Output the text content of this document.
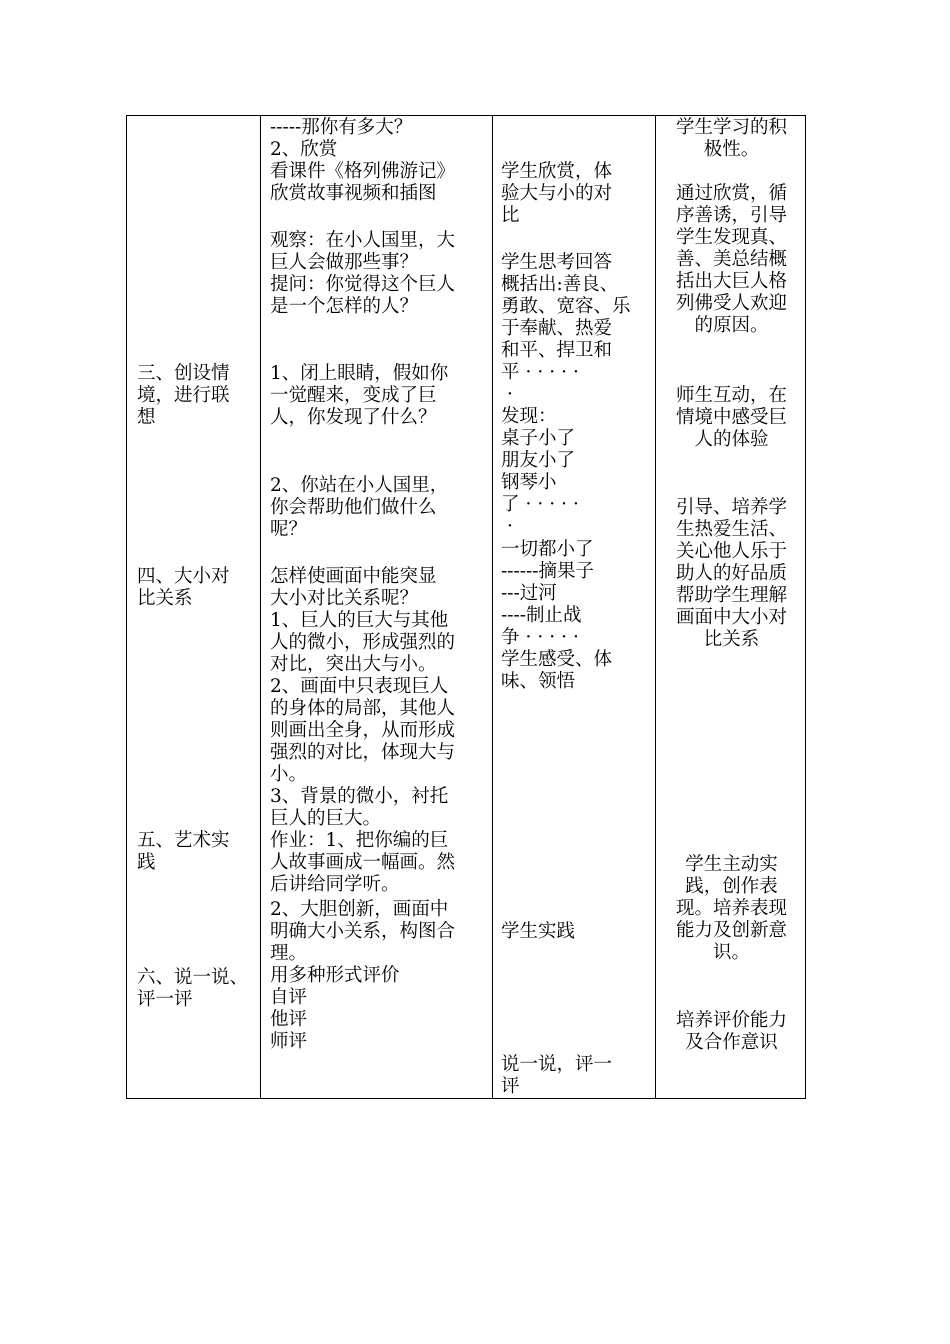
三、创设情
境，进行联
想
四、大小对
比关系
五、艺术实
践
六、说一说、
评一评
-----那你有多大？
2、欣赏
看课件《格列佛游记》
欣赏故事视频和插图
观察：在小人国里，大
巨人会做那些事？
提问：你觉得这个巨人
是一个怎样的人？
1、闭上眼睛，假如你
一觉醒来，变成了巨
人，你发现了什么？
2、你站在小人国里，
你会帮助他们做什么
呢？
怎样使画面中能突显
大小对比关系呢？
1、巨人的巨大与其他
人的微小，形成强烈的
对比，突出大与小。
2、画面中只表现巨人
的身体的局部，其他人
则画出全身，从而形成
强烈的对比，体现大与
小。
3、背景的微小，衬托
巨人的巨大。
作业：1、把你编的巨
人故事画成一幅画。然
后讲给同学听。
2、大胆创新，画面中
明确大小关系，构图合
理。
用多种形式评价
自评
他评
师评
学生欣赏，体
验大与小的对
比
学生思考回答
概括出:善良、
勇敢、宽容、乐
于奉献、热爱
和平、捍卫和
平·····
·
发现：
桌子小了
朋友小了
钢琴小
了·····
·
一切都小了
------摘果子
---过河
----制止战
争·····
学生感受、体
味、领悟
学生实践
说一说，评一
评
学生学习的积
极性。
通过欣赏，循
序善诱，引导
学生发现真、
善、美总结概
括出大巨人格
列佛受人欢迎
的原因。
师生互动，在
情境中感受巨
人的体验
引导、培养学
生热爱生活、
关心他人乐于
助人的好品质
帮助学生理解
画面中大小对
比关系
学生主动实
践，创作表
现。培养表现
能力及创新意
识。
培养评价能力
及合作意识
